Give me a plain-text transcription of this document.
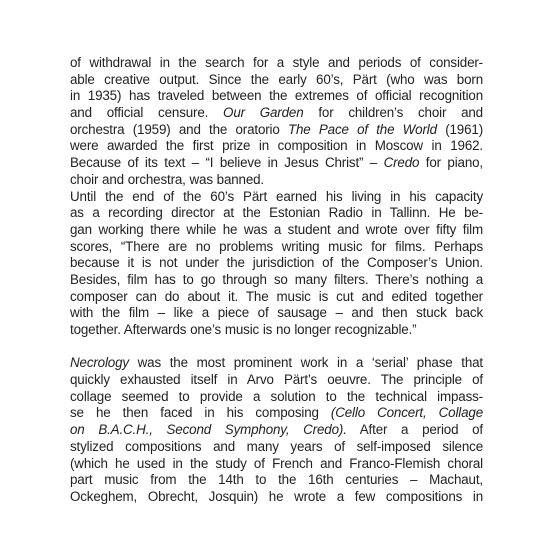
of withdrawal in the search for a style and periods of consider-
able creative output. Since the early 60’s, Pärt (who was born
in 1935) has traveled between the extremes of official recognition
and official censure. Our Garden for children’s choir and
orchestra (1959) and the oratorio The Pace of the World (1961)
were awarded the first prize in composition in Moscow in 1962.
Because of its text – “I believe in Jesus Christ” – Credo for piano,
choir and orchestra, was banned.
Until the end of the 60’s Pärt earned his living in his capacity
as a recording director at the Estonian Radio in Tallinn. He be-
gan working there while he was a student and wrote over fifty film
scores, “There are no problems writing music for films. Perhaps
because it is not under the jurisdiction of the Composer’s Union.
Besides, film has to go through so many filters. There’s nothing a
composer can do about it. The music is cut and edited together
with the film – like a piece of sausage – and then stuck back
together. Afterwards one’s music is no longer recognizable.”
Necrology was the most prominent work in a ‘serial’ phase that
quickly exhausted itself in Arvo Pärt’s oeuvre. The principle of
collage seemed to provide a solution to the technical impass-
se he then faced in his composing (Cello Concert, Collage
on B.A.C.H., Second Symphony, Credo). After a period of
stylized compositions and many years of self-imposed silence
(which he used in the study of French and Franco-Flemish choral
part music from the 14th to the 16th centuries – Machaut,
Ockeghem, Obrecht, Josquin) he wrote a few compositions in
